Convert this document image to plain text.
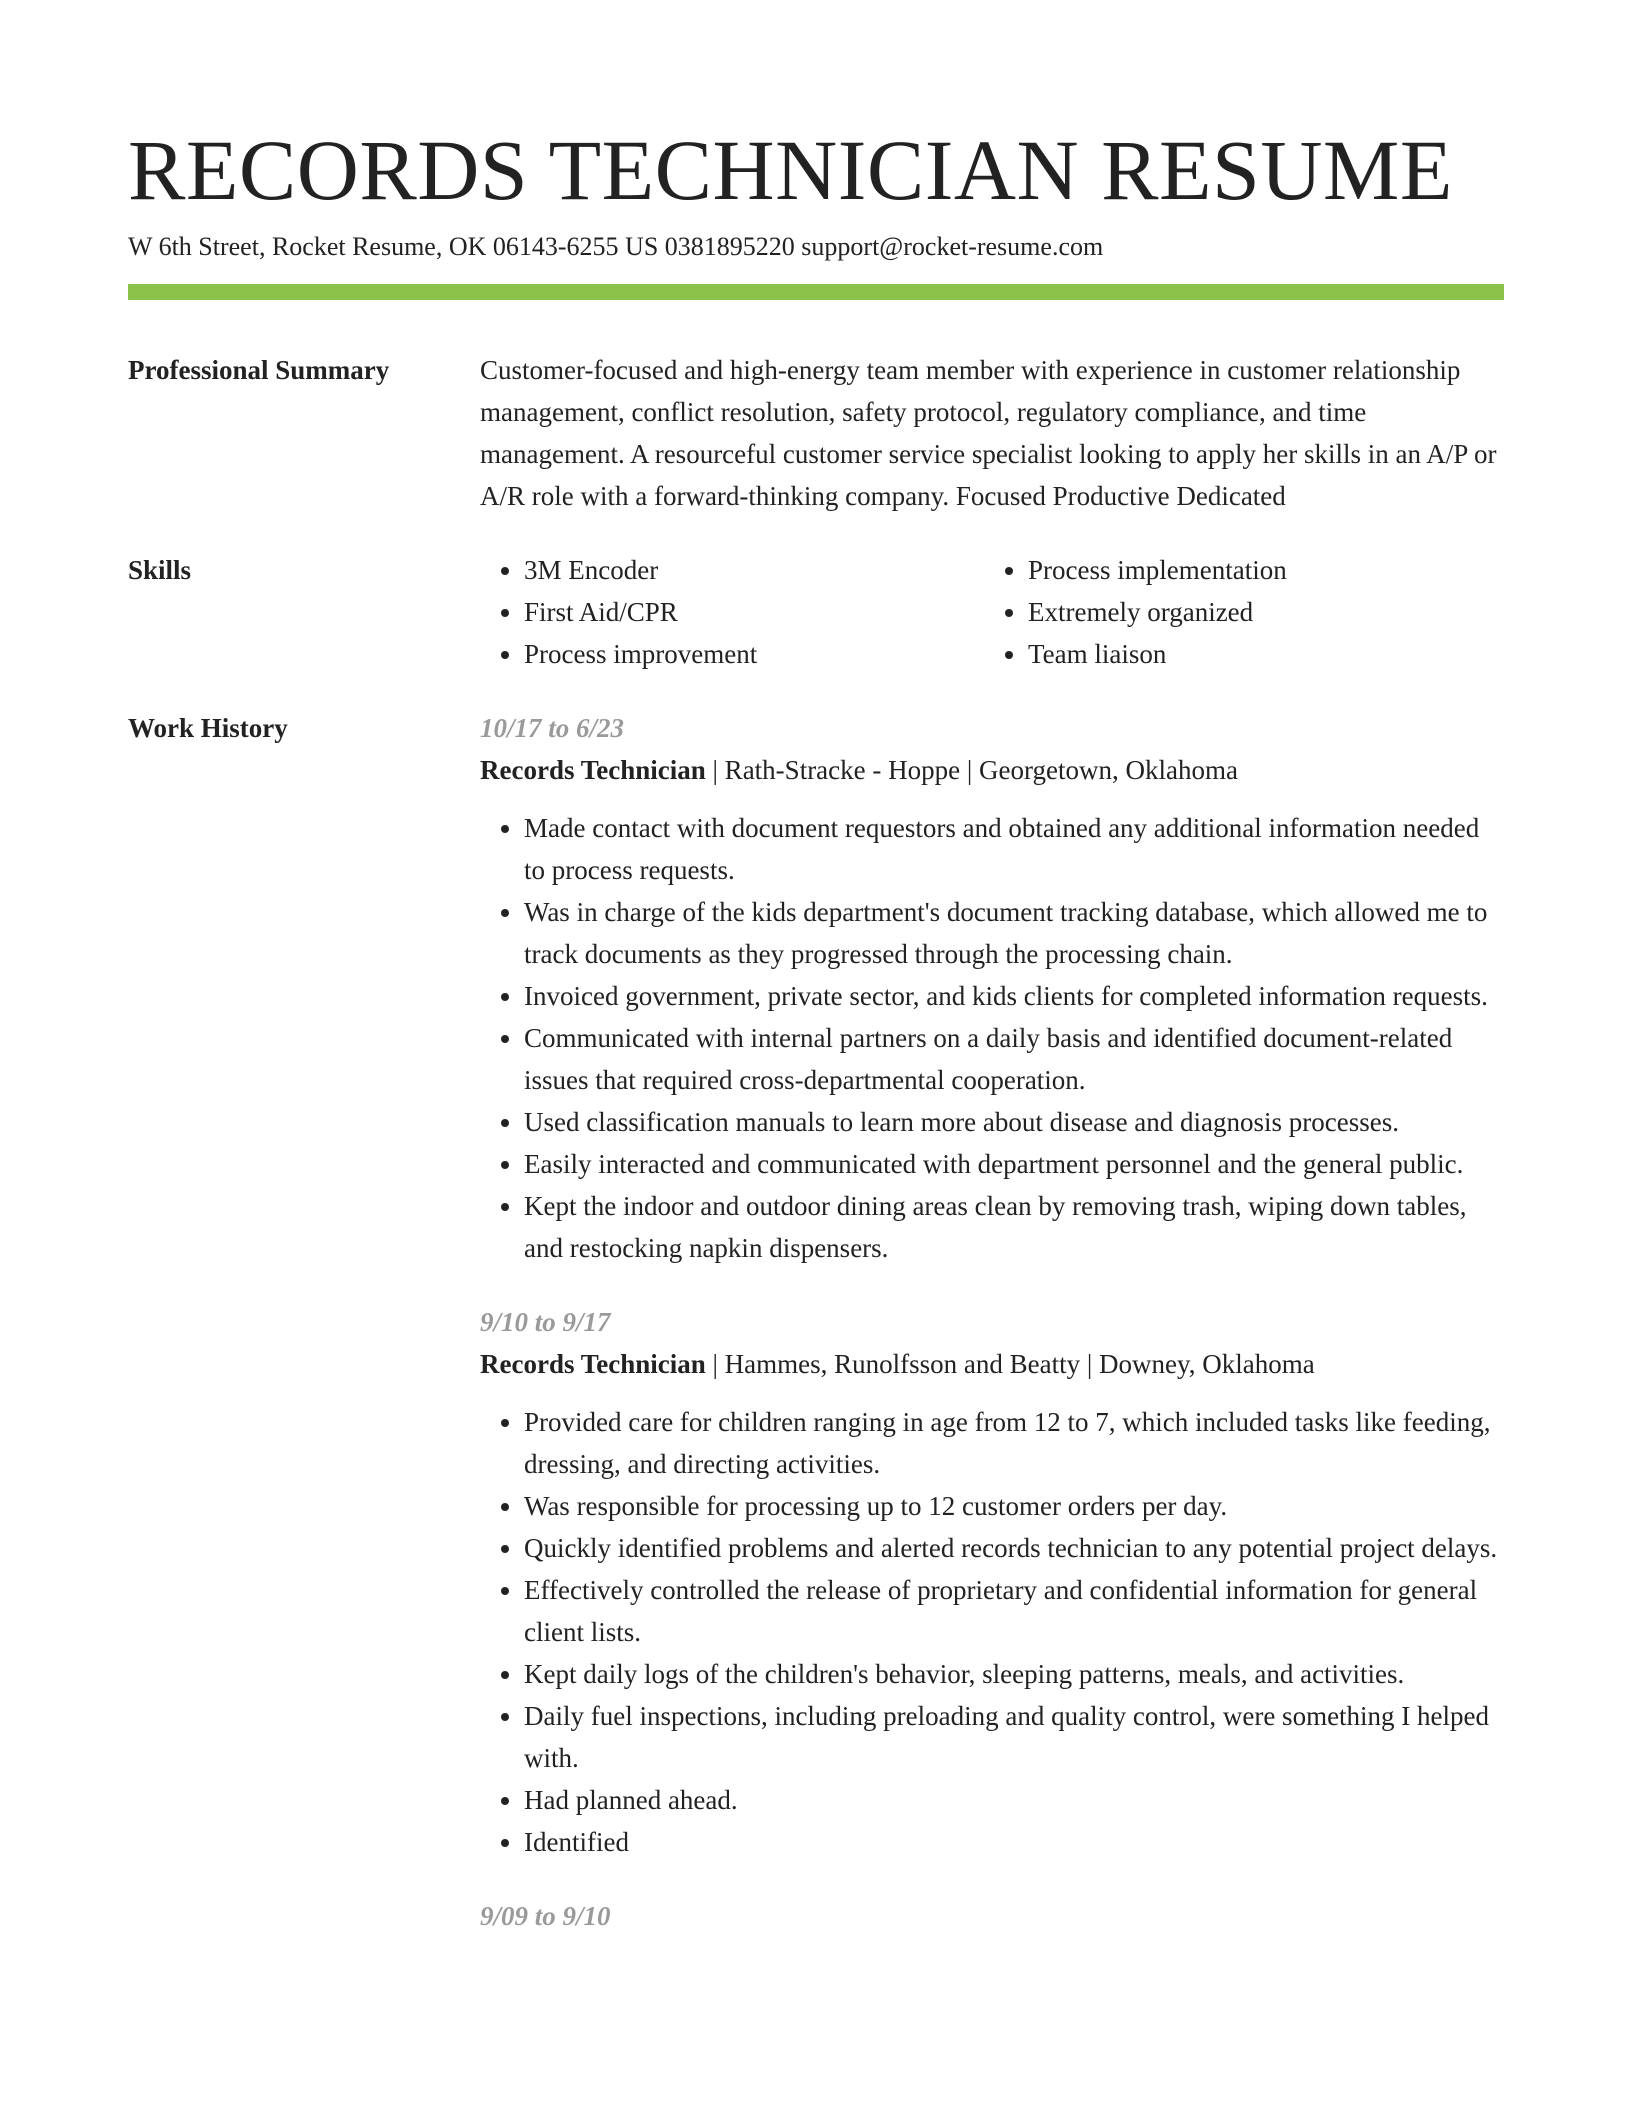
RECORDS TECHNICIAN RESUME
W 6th Street, Rocket Resume, OK 06143-6255 US 0381895220 support@rocket-resume.com
Professional Summary	Customer-focused and high-energy team member with experience in customer relationship management, conflict resolution, safety protocol, regulatory compliance, and time management. A resourceful customer service specialist looking to apply her skills in an A/P or A/R role with a forward-thinking company. Focused Productive Dedicated
Skills
•	3M Encoder
• First Aid/CPR
• Process improvement
• Process implementation
• Extremely organized
• Team liaison
Work History	10/17 to 6/23
Records Technician | Rath-Stracke - Hoppe | Georgetown, Oklahoma
• Made contact with document requestors and obtained any additional information needed to process requests.
• Was in charge of the kids department's document tracking database, which allowed me to track documents as they progressed through the processing chain.
• Invoiced government, private sector, and kids clients for completed information requests.
• Communicated with internal partners on a daily basis and identified document-related issues that required cross-departmental cooperation.
• Used classification manuals to learn more about disease and diagnosis processes.
• Easily interacted and communicated with department personnel and the general public.
• Kept the indoor and outdoor dining areas clean by removing trash, wiping down tables, and restocking napkin dispensers.
9/10 to 9/17
Records Technician | Hammes, Runolfsson and Beatty | Downey, Oklahoma
• Provided care for children ranging in age from 12 to 7, which included tasks like feeding, dressing, and directing activities.
• Was responsible for processing up to 12 customer orders per day.
• Quickly identified problems and alerted records technician to any potential project delays.
• Effectively controlled the release of proprietary and confidential information for general client lists.
• Kept daily logs of the children's behavior, sleeping patterns, meals, and activities.
• Daily fuel inspections, including preloading and quality control, were something I helped with.
• Had planned ahead.
• Identified
9/09 to 9/10
